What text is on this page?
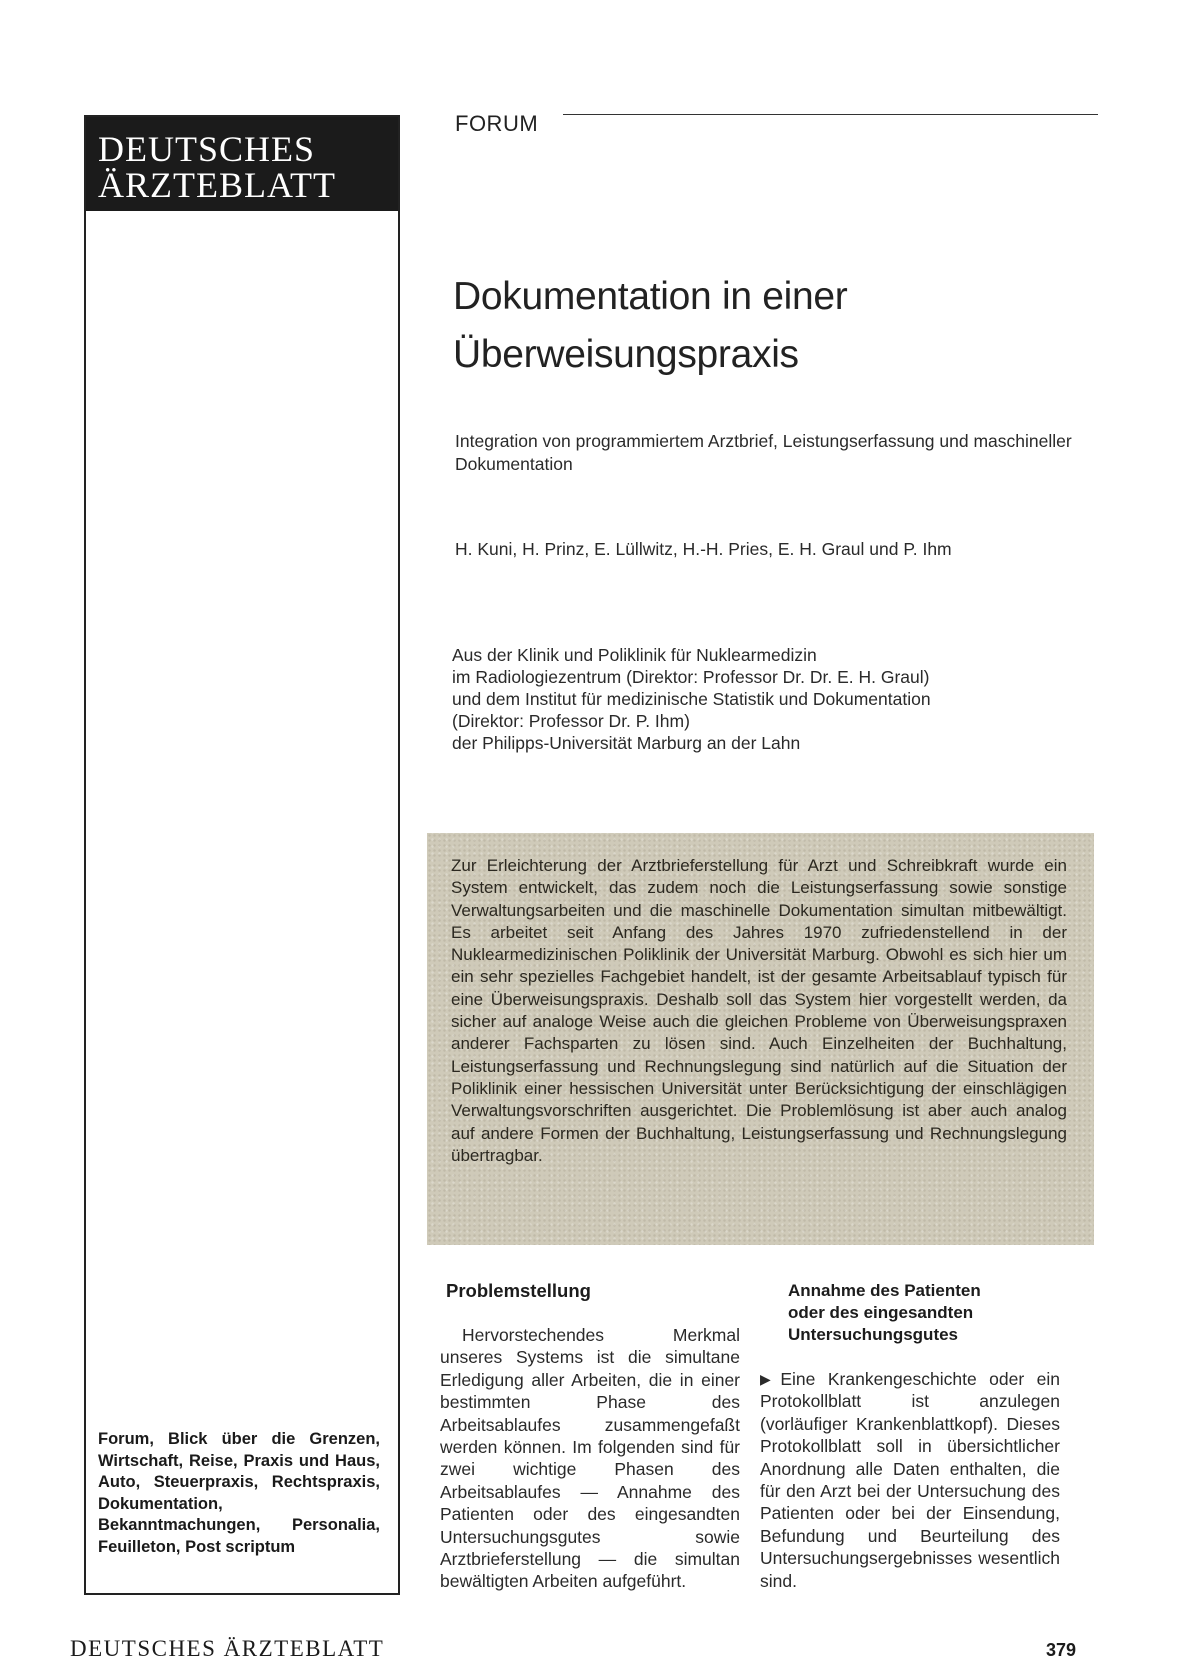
DEUTSCHES
ÄRZTEBLATT
Forum, Blick über die Grenzen, Wirtschaft, Reise, Praxis und Haus, Auto, Steuerpraxis, Rechtspraxis, Dokumentation, Bekanntmachungen, Personalia, Feuilleton, Post scriptum
FORUM
Dokumentation in einer
Überweisungspraxis
Integration von programmiertem Arztbrief, Leistungserfassung und maschineller Dokumentation
H. Kuni, H. Prinz, E. Lüllwitz, H.-H. Pries, E. H. Graul und P. Ihm
Aus der Klinik und Poliklinik für Nuklearmedizin
im Radiologiezentrum (Direktor: Professor Dr. Dr. E. H. Graul)
und dem Institut für medizinische Statistik und Dokumentation
(Direktor: Professor Dr. P. Ihm)
der Philipps-Universität Marburg an der Lahn
Zur Erleichterung der Arztbrieferstellung für Arzt und Schreibkraft wurde ein System entwickelt, das zudem noch die Leistungserfassung sowie sonstige Verwaltungsarbeiten und die maschinelle Dokumentation simultan mitbewältigt. Es arbeitet seit Anfang des Jahres 1970 zufriedenstellend in der Nuklearmedizinischen Poliklinik der Universität Marburg. Obwohl es sich hier um ein sehr spezielles Fachgebiet handelt, ist der gesamte Arbeitsablauf typisch für eine Überweisungspraxis. Deshalb soll das System hier vorgestellt werden, da sicher auf analoge Weise auch die gleichen Probleme von Überweisungspraxen anderer Fachsparten zu lösen sind. Auch Einzelheiten der Buchhaltung, Leistungserfassung und Rechnungslegung sind natürlich auf die Situation der Poliklinik einer hessischen Universität unter Berücksichtigung der einschlägigen Verwaltungsvorschriften ausgerichtet. Die Problemlösung ist aber auch analog auf andere Formen der Buchhaltung, Leistungserfassung und Rechnungslegung übertragbar.
Problemstellung

Hervorstechendes Merkmal unseres Systems ist die simultane Erledigung aller Arbeiten, die in einer bestimmten Phase des Arbeitsablaufes zusammengefaßt werden können. Im folgenden sind für zwei wichtige Phasen des Arbeitsablaufes — Annahme des Patienten oder des eingesandten Untersuchungsgutes sowie Arztbrieferstellung — die simultan bewältigten Arbeiten aufgeführt.

Annahme des Patienten
oder des eingesandten
Untersuchungsgutes

▶ Eine Krankengeschichte oder ein Protokollblatt ist anzulegen (vorläufiger Krankenblattkopf). Dieses Protokollblatt soll in übersichtlicher Anordnung alle Daten enthalten, die für den Arzt bei der Untersuchung des Patienten oder bei der Einsendung, Befundung und Beurteilung des Untersuchungsergebnisses wesentlich sind.

DEUTSCHES ÄRZTEBLATT	379
